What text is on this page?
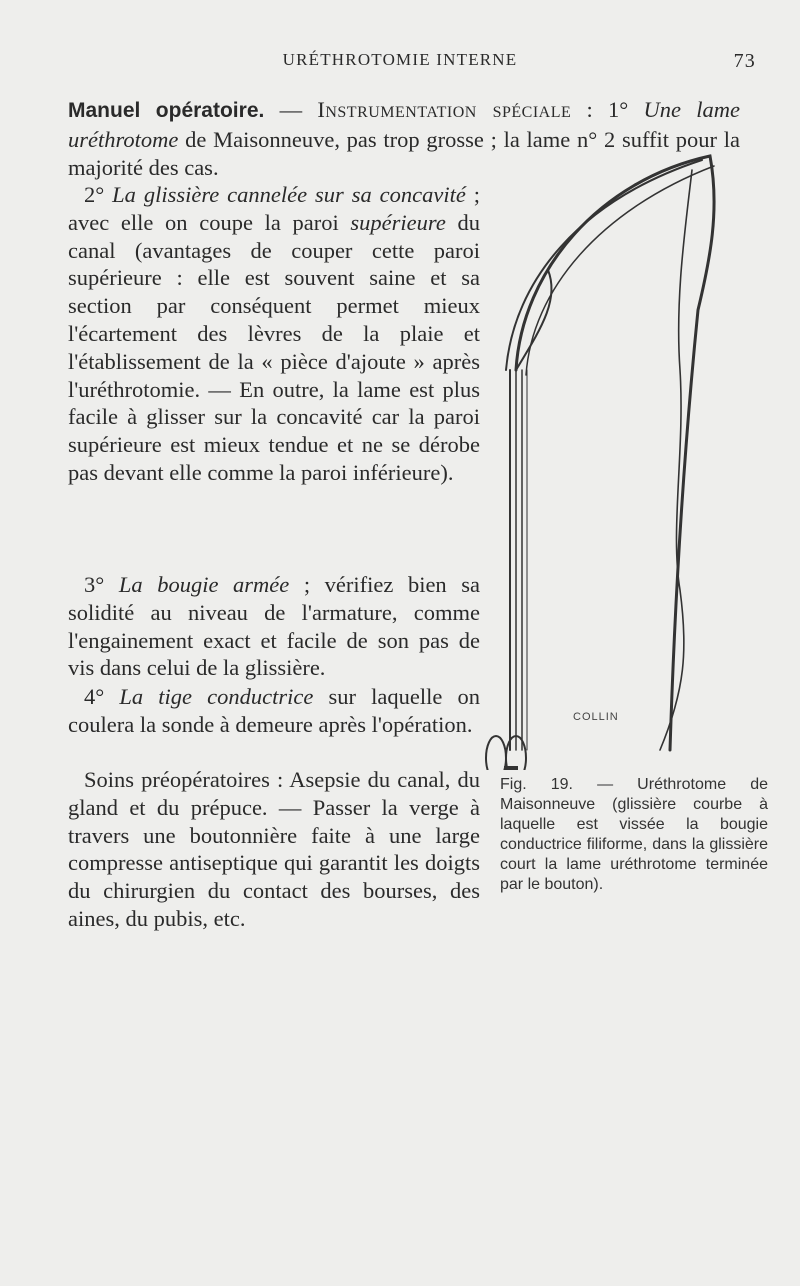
URÉTHROTOMIE INTERNE	73

Manuel opératoire. — Instrumentation spéciale : 1° Une lame uréthrotome de Maisonneuve, pas trop grosse ; la lame n° 2 suffit pour la majorité des cas.

2° La glissière cannelée sur sa concavité ; avec elle on coupe la paroi supérieure du canal (avantages de couper cette paroi supérieure : elle est souvent saine et sa section par conséquent permet mieux l'écartement des lèvres de la plaie et l'établissement de la « pièce d'ajoute » après l'uréthrotomie. — En outre, la lame est plus facile à glisser sur la concavité car la paroi supérieure est mieux tendue et ne se dérobe pas devant elle comme la paroi inférieure).

3° La bougie armée ; vérifiez bien sa solidité au niveau de l'armature, comme l'engainement exact et facile de son pas de vis dans celui de la glissière.

4° La tige conductrice sur laquelle on coulera la sonde à demeure après l'opération.

Soins préopératoires : Asepsie du canal, du gland et du prépuce. — Passer la verge à travers une boutonnière faite à une large compresse antiseptique qui garantit les doigts du chirurgien du contact des bourses, des aines, du pubis, etc.

COLLIN
Fig. 19. — Uréthrotome de Maisonneuve (glissière courbe à laquelle est vissée la bougie conductrice filiforme, dans la glissière court la lame uréthrotome terminée par le bouton).
